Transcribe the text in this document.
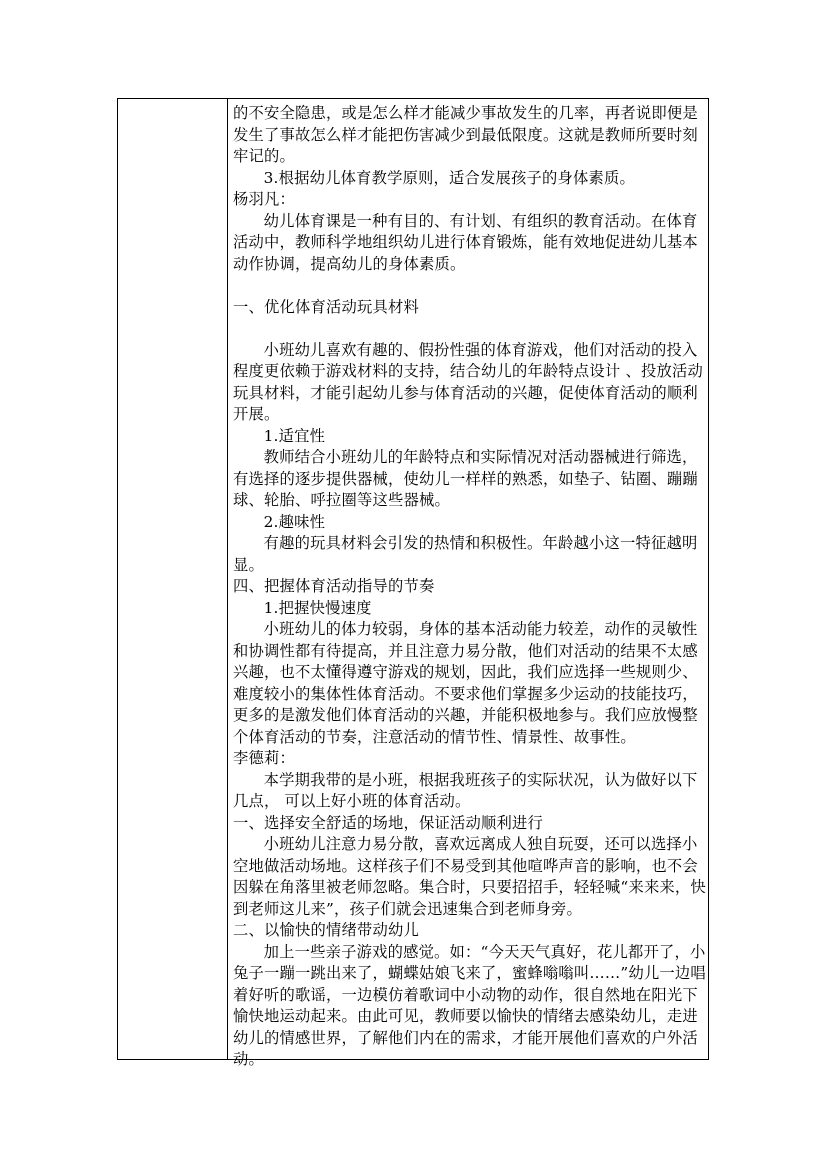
的不安全隐患，或是怎么样才能减少事故发生的几率，再者说即便是发生了事故怎么样才能把伤害减少到最低限度。这就是教师所要时刻牢记的。

3.根据幼儿体育教学原则，适合发展孩子的身体素质。

杨羽凡：

幼儿体育课是一种有目的、有计划、有组织的教育活动。在体育活动中，教师科学地组织幼儿进行体育锻炼，能有效地促进幼儿基本动作协调，提高幼儿的身体素质。

一、优化体育活动玩具材料

小班幼儿喜欢有趣的、假扮性强的体育游戏，他们对活动的投入程度更依赖于游戏材料的支持，结合幼儿的年龄特点设计 、投放活动玩具材料，才能引起幼儿参与体育活动的兴趣，促使体育活动的顺利开展。

1.适宜性

教师结合小班幼儿的年龄特点和实际情况对活动器械进行筛选，有选择的逐步提供器械，使幼儿一样样的熟悉，如垫子、钻圈、蹦蹦球、轮胎、呼拉圈等这些器械。

2.趣味性

有趣的玩具材料会引发的热情和积极性。年龄越小这一特征越明显。

四、把握体育活动指导的节奏

1.把握快慢速度

小班幼儿的体力较弱，身体的基本活动能力较差，动作的灵敏性和协调性都有待提高，并且注意力易分散，他们对活动的结果不太感兴趣，也不太懂得遵守游戏的规划，因此，我们应选择一些规则少、难度较小的集体性体育活动。不要求他们掌握多少运动的技能技巧，更多的是激发他们体育活动的兴趣，并能积极地参与。我们应放慢整个体育活动的节奏，注意活动的情节性、情景性、故事性。

李德莉：

本学期我带的是小班，根据我班孩子的实际状况，认为做好以下几点， 可以上好小班的体育活动。

一、选择安全舒适的场地，保证活动顺利进行

小班幼儿注意力易分散，喜欢远离成人独自玩耍，还可以选择小空地做活动场地。这样孩子们不易受到其他喧哗声音的影响，也不会因躲在角落里被老师忽略。集合时，只要招招手，轻轻喊“来来来，快到老师这儿来”，孩子们就会迅速集合到老师身旁。

二、以愉快的情绪带动幼儿

加上一些亲子游戏的感觉。如：“今天天气真好，花儿都开了，小兔子一蹦一跳出来了，蝴蝶姑娘飞来了，蜜蜂嗡嗡叫……”幼儿一边唱着好听的歌谣，一边模仿着歌词中小动物的动作，很自然地在阳光下愉快地运动起来。由此可见，教师要以愉快的情绪去感染幼儿，走进幼儿的情感世界，了解他们内在的需求，才能开展他们喜欢的户外活动。
